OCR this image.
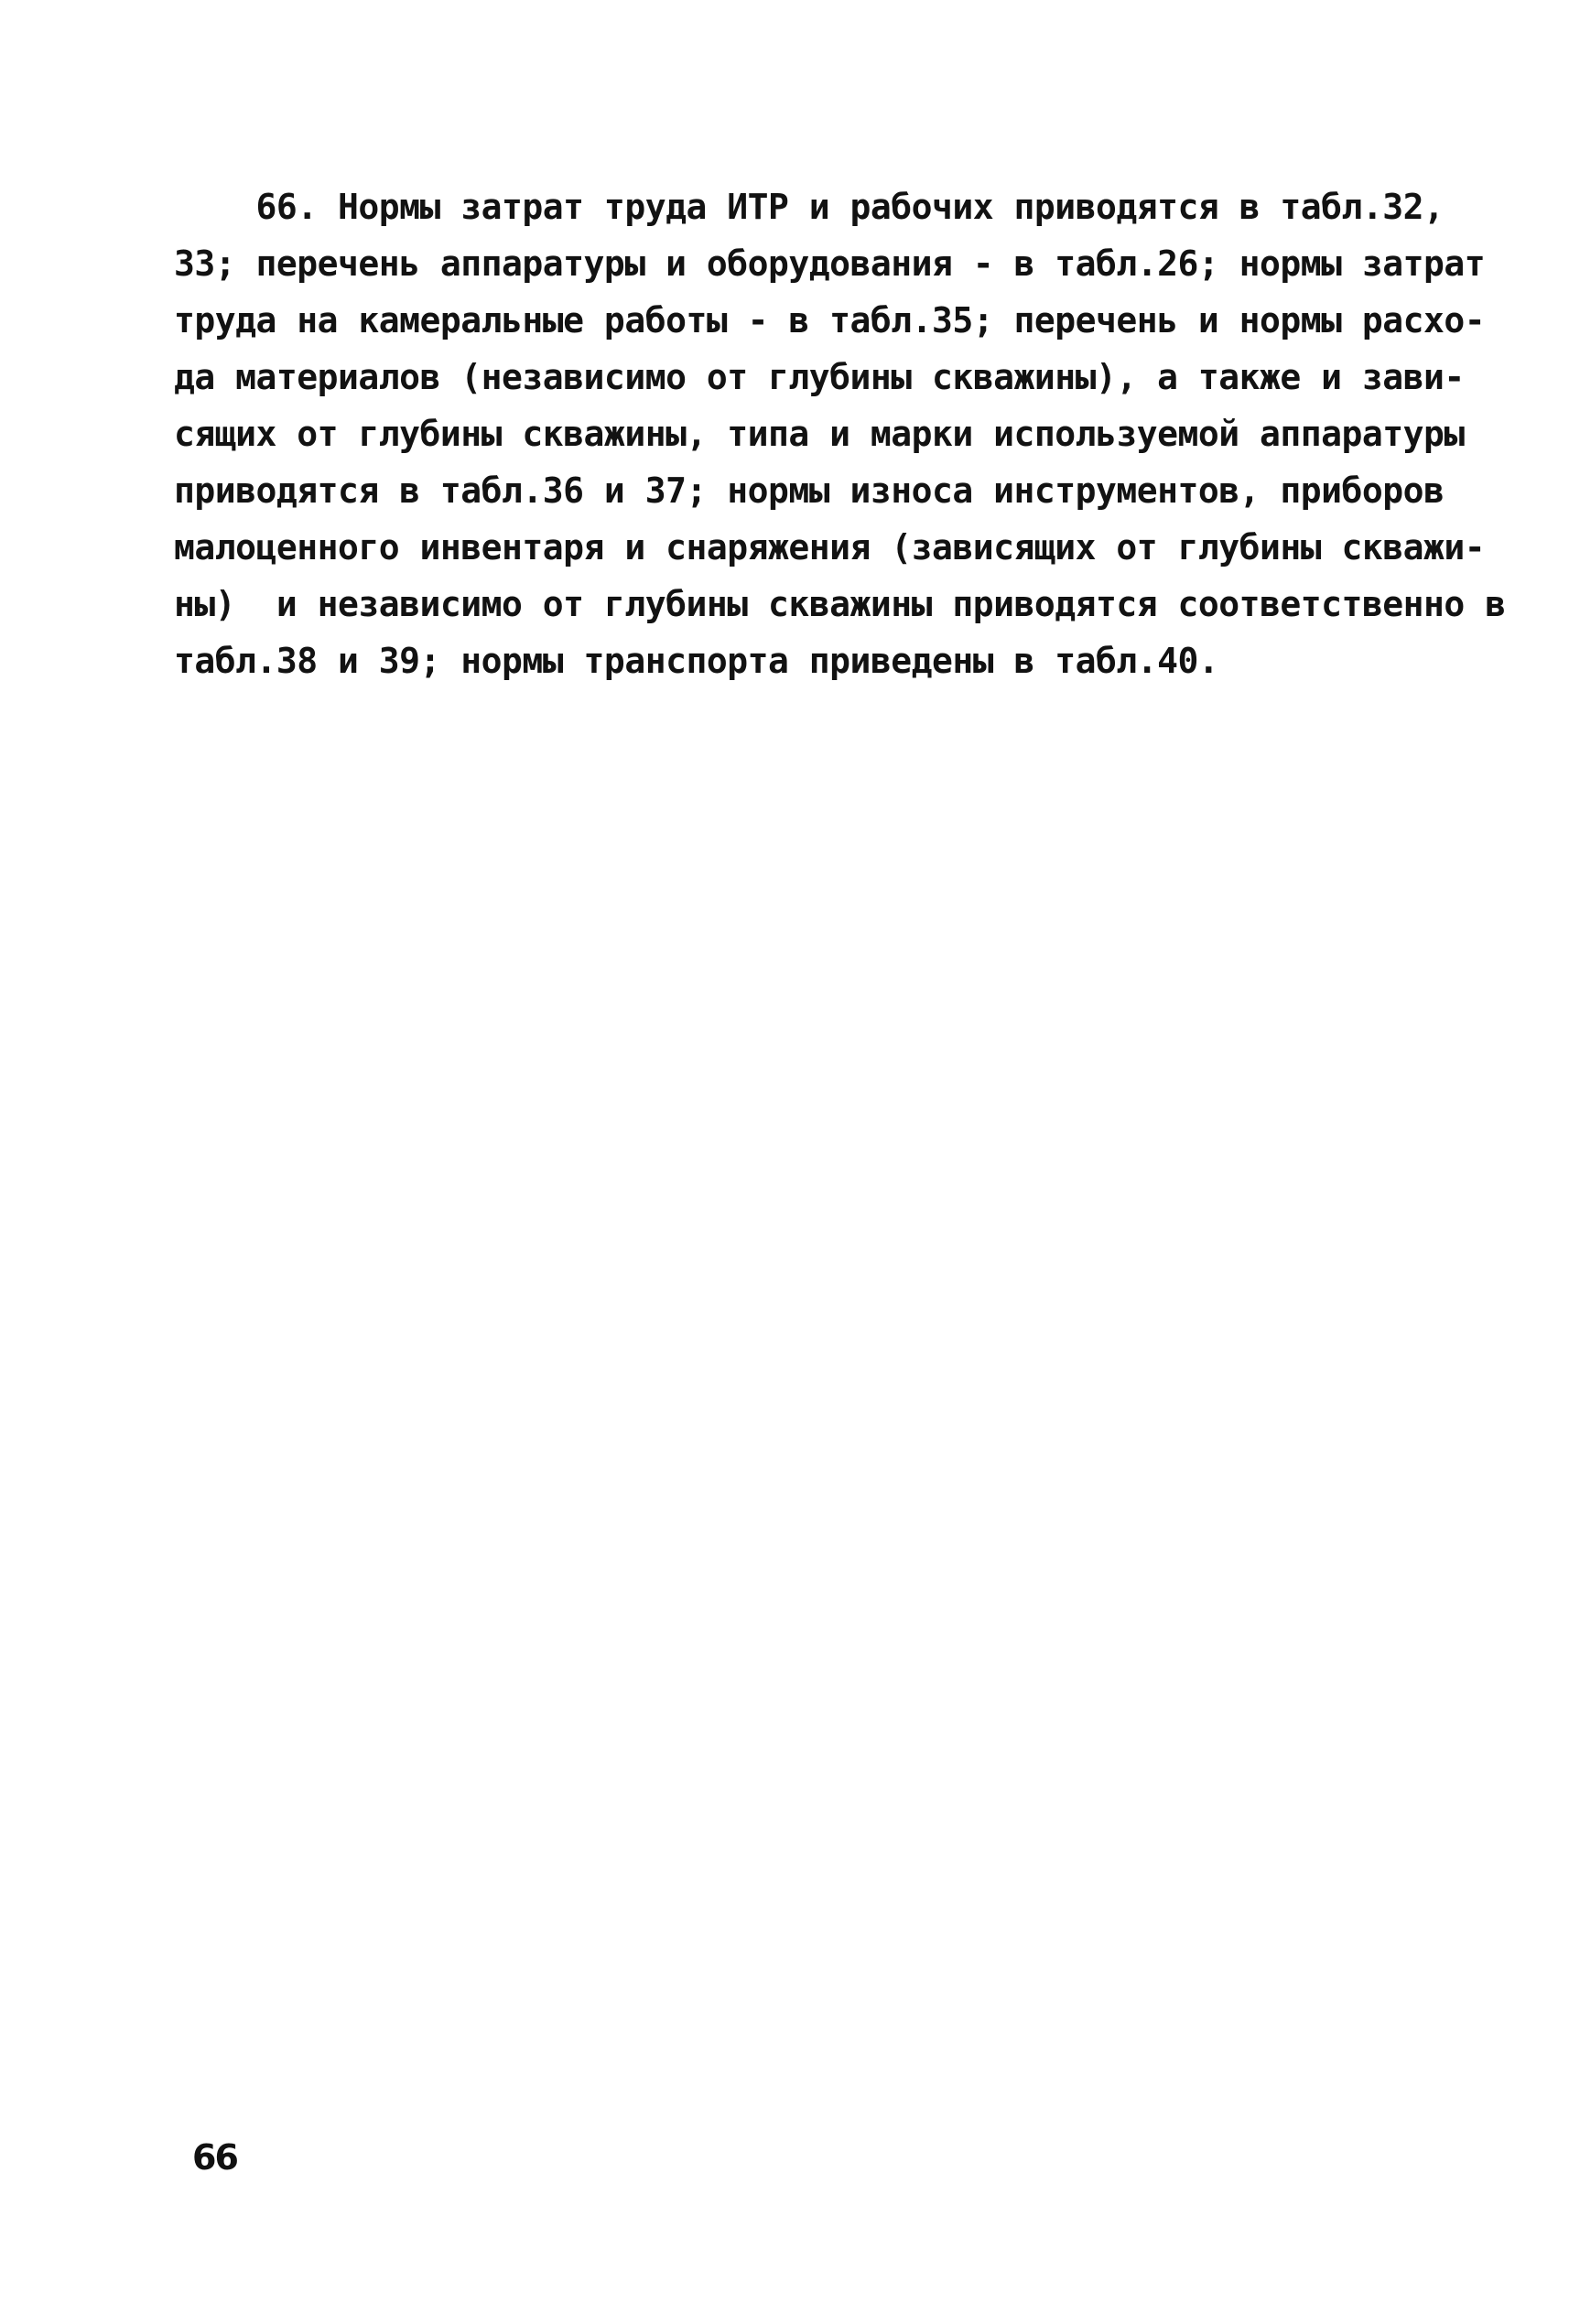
66. Нормы затрат труда ИТР и рабочих приводятся в табл.32,
33; перечень аппаратуры и оборудования - в табл.26; нормы затрат
труда на камеральные работы - в табл.35; перечень и нормы расхо-
да материалов (независимо от глубины скважины), а также и зави-
сящих от глубины скважины, типа и марки используемой аппаратуры
приводятся в табл.36 и 37; нормы износа инструментов, приборов
малоценного инвентаря и снаряжения (зависящих от глубины скважи-
ны)  и независимо от глубины скважины приводятся соответственно в
табл.38 и 39; нормы транспорта приведены в табл.40.
66
